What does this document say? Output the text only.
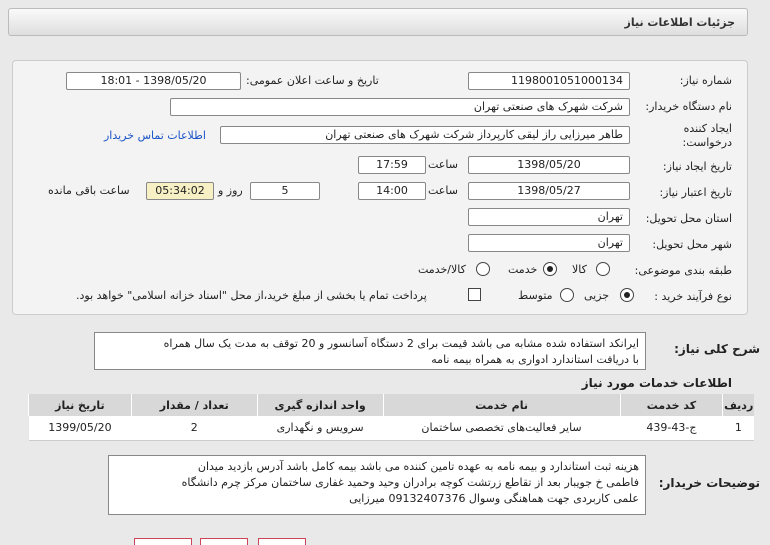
جزئیات اطلاعات نیاز
شماره نیاز:
1198001051000134
تاریخ و ساعت اعلان عمومی:
1398/05/20 - 18:01
نام دستگاه خریدار:
شرکت شهرک های صنعتی تهران
ایجاد کننده
درخواست:
طاهر میرزایی راز لیقی کارپرداز شرکت شهرک های صنعتی تهران
اطلاعات تماس خریدار
تاریخ ایجاد نیاز:
1398/05/20
ساعت
17:59
تاریخ اعتبار نیاز:
1398/05/27
ساعت
14:00
5
روز و
05:34:02
ساعت باقی مانده
استان محل تحویل:
تهران
شهر محل تحویل:
تهران
طبقه بندی موضوعی:
کالا
خدمت
کالا/خدمت
نوع فرآیند خرید :
جزیی
متوسط
پرداخت تمام یا بخشی از مبلغ خرید،از محل "اسناد خزانه اسلامی" خواهد بود.
شرح کلی نیاز:
ایرانکد استفاده شده مشابه می باشد قیمت برای 2 دستگاه آسانسور و 20 توقف به مدت یک سال همراه
با دریافت استاندارد ادواری به همراه بیمه نامه
اطلاعات خدمات مورد نیاز
ردیف	کد خدمت	نام خدمت	واحد اندازه گیری	تعداد / مقدار	تاریخ نیاز
1	ج-43-439	سایر فعالیت‌های تخصصی ساختمان	سرویس و نگهداری	2	1399/05/20
توضیحات خریدار:
هزینه ثبت استاندارد و بیمه نامه به عهده تامین کننده می باشد بیمه کامل باشد آدرس بازدید میدان
فاطمی خ جویبار بعد از تقاطع زرتشت کوچه برادران وحید وحمید غفاری ساختمان مرکز چرم دانشگاه
علمی کاربردی جهت هماهنگی وسوال 09132407376 میرزایی
